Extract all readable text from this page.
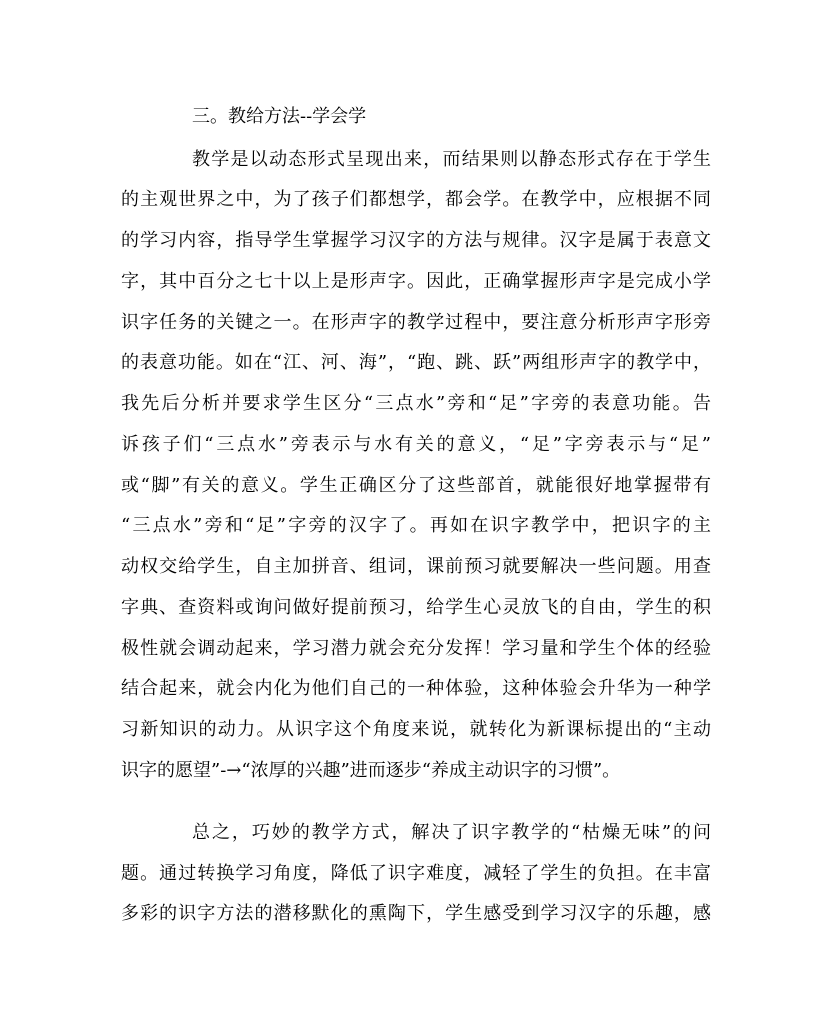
三。教给方法--学会学
教学是以动态形式呈现出来，而结果则以静态形式存在于学生
的主观世界之中，为了孩子们都想学，都会学。在教学中，应根据不同
的学习内容，指导学生掌握学习汉字的方法与规律。汉字是属于表意文
字，其中百分之七十以上是形声字。因此，正确掌握形声字是完成小学
识字任务的关键之一。在形声字的教学过程中，要注意分析形声字形旁
的表意功能。如在“江、河、海”，“跑、跳、跃”两组形声字的教学中，
我先后分析并要求学生区分“三点水”旁和“足”字旁的表意功能。告
诉孩子们“三点水”旁表示与水有关的意义，“足”字旁表示与“足”
或“脚”有关的意义。学生正确区分了这些部首，就能很好地掌握带有
“三点水”旁和“足”字旁的汉字了。再如在识字教学中，把识字的主
动权交给学生，自主加拼音、组词，课前预习就要解决一些问题。用查
字典、查资料或询问做好提前预习，给学生心灵放飞的自由，学生的积
极性就会调动起来，学习潜力就会充分发挥！学习量和学生个体的经验
结合起来，就会内化为他们自己的一种体验，这种体验会升华为一种学
习新知识的动力。从识字这个角度来说，就转化为新课标提出的“主动
识字的愿望”-→“浓厚的兴趣”进而逐步“养成主动识字的习惯”。
总之，巧妙的教学方式，解决了识字教学的“枯燥无味”的问
题。通过转换学习角度，降低了识字难度，减轻了学生的负担。在丰富
多彩的识字方法的潜移默化的熏陶下，学生感受到学习汉字的乐趣，感
